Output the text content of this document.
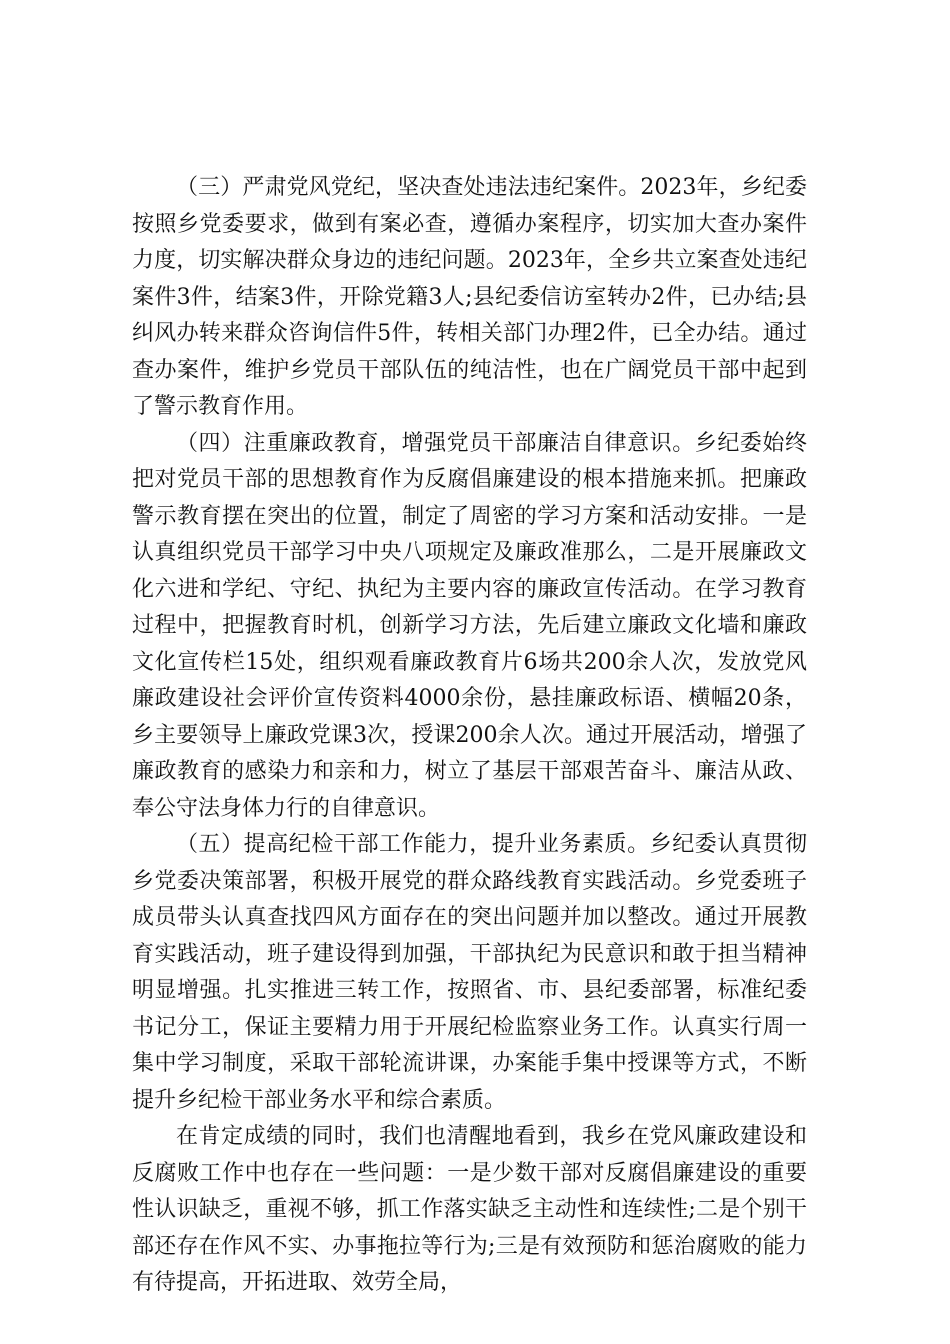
（三）严肃党风党纪，坚决查处违法违纪案件。2023年，乡纪委按照乡党委要求，做到有案必查，遵循办案程序，切实加大查办案件力度，切实解决群众身边的违纪问题。2023年，全乡共立案查处违纪案件3件，结案3件，开除党籍3人;县纪委信访室转办2件，已办结;县纠风办转来群众咨询信件5件，转相关部门办理2件，已全办结。通过查办案件，维护乡党员干部队伍的纯洁性，也在广阔党员干部中起到了警示教育作用。

（四）注重廉政教育，增强党员干部廉洁自律意识。乡纪委始终把对党员干部的思想教育作为反腐倡廉建设的根本措施来抓。把廉政警示教育摆在突出的位置，制定了周密的学习方案和活动安排。一是认真组织党员干部学习中央八项规定及廉政准那么，二是开展廉政文化六进和学纪、守纪、执纪为主要内容的廉政宣传活动。在学习教育过程中，把握教育时机，创新学习方法，先后建立廉政文化墙和廉政文化宣传栏15处，组织观看廉政教育片6场共200余人次，发放党风廉政建设社会评价宣传资料4000余份，悬挂廉政标语、横幅20条，乡主要领导上廉政党课3次，授课200余人次。通过开展活动，增强了廉政教育的感染力和亲和力，树立了基层干部艰苦奋斗、廉洁从政、奉公守法身体力行的自律意识。

（五）提高纪检干部工作能力，提升业务素质。乡纪委认真贯彻乡党委决策部署，积极开展党的群众路线教育实践活动。乡党委班子成员带头认真查找四风方面存在的突出问题并加以整改。通过开展教育实践活动，班子建设得到加强，干部执纪为民意识和敢于担当精神明显增强。扎实推进三转工作，按照省、市、县纪委部署，标准纪委书记分工，保证主要精力用于开展纪检监察业务工作。认真实行周一集中学习制度，采取干部轮流讲课，办案能手集中授课等方式，不断提升乡纪检干部业务水平和综合素质。

在肯定成绩的同时，我们也清醒地看到，我乡在党风廉政建设和反腐败工作中也存在一些问题：一是少数干部对反腐倡廉建设的重要性认识缺乏，重视不够，抓工作落实缺乏主动性和连续性;二是个别干部还存在作风不实、办事拖拉等行为;三是有效预防和惩治腐败的能力有待提高，开拓进取、效劳全局，
